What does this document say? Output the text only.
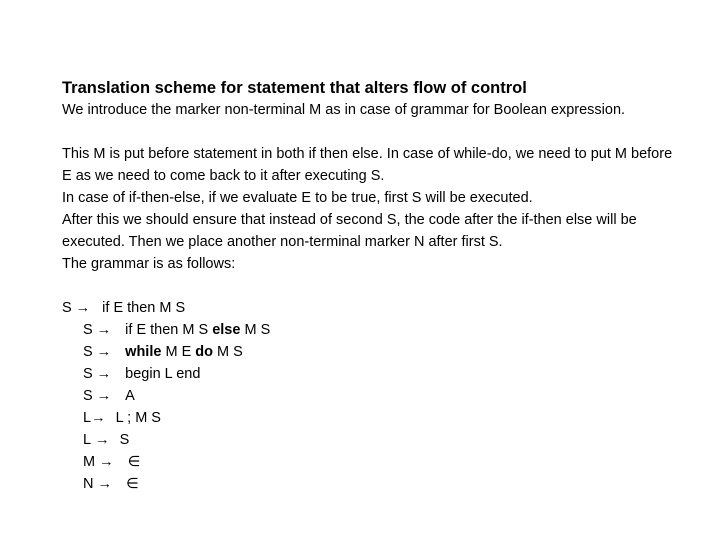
Translation scheme for statement that alters flow of control

We introduce the marker non-terminal M as in case of grammar for Boolean expression.

This M is put before statement in both if then else. In case of while-do, we need to put M before E as we need to come back to it after executing S.

In case of if-then-else, if we evaluate E to be true, first S will be executed.

After this we should ensure that instead of second S, the code after the if-then else will be executed. Then we place another non-terminal marker N after first S.

The grammar is as follows:

S → if E then M S
S → if E then M S else M S
S → while M E do M S
S → begin L end
S → A
L → L ; M S
L → S
M → ∈
N → ∈
